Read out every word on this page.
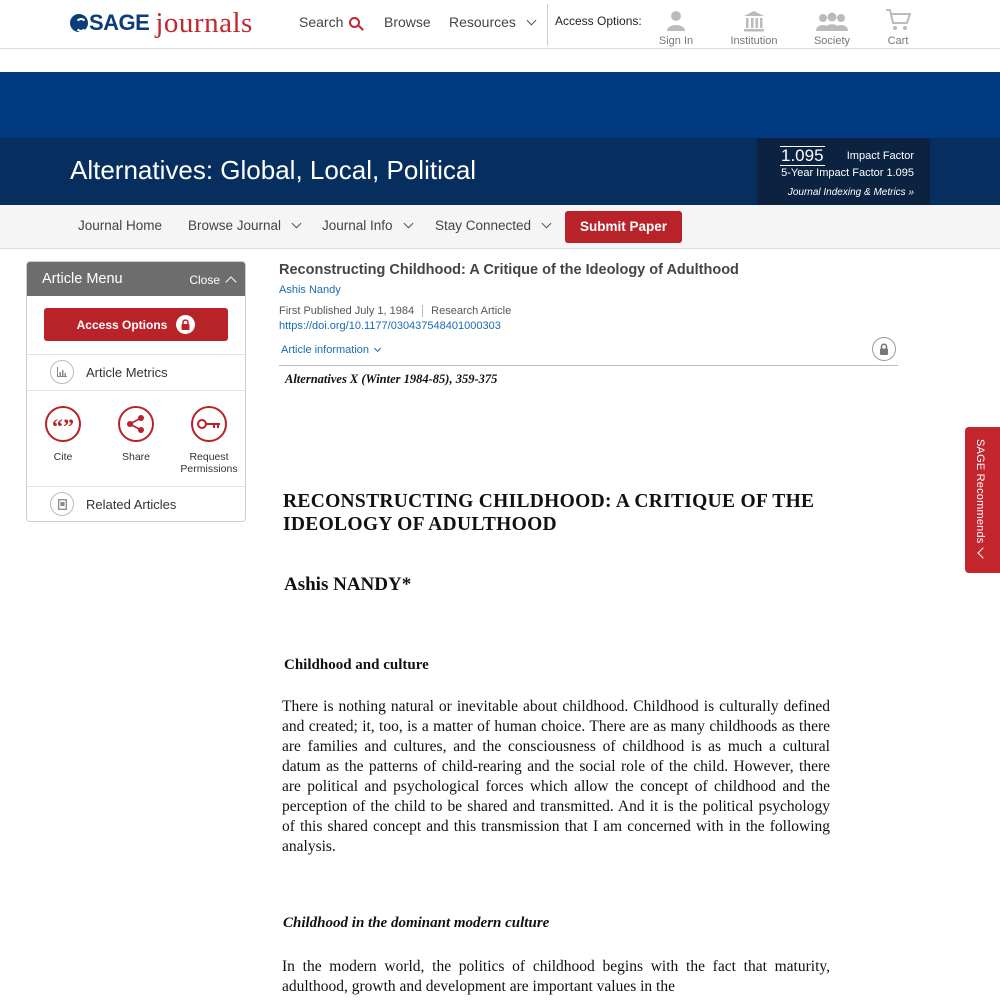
SAGE journals	Search	Browse Resources	Access Options:
Sign In	Institution	Society	Cart
Alternatives: Global, Local, Political	1.095 Impact Factor
5-Year Impact Factor 1.095
Journal Indexing & Metrics »
Journal Home Browse Journal	Journal Info	Stay Connected	Submit Paper
Article Menu	Close
Access Options
Article Metrics
“”
Cite	Share	Request Permissions
Related Articles
Reconstructing Childhood: A Critique of the Ideology of Adulthood
Ashis Nandy
First Published July 1, 1984 Research Article
https://doi.org/10.1177/030437548401000303
Article information
Alternatives X (Winter 1984-85), 359-375
RECONSTRUCTING CHILDHOOD: A CRITIQUE OF THE IDEOLOGY OF ADULTHOOD
Ashis NANDY*
Childhood and culture
There is nothing natural or inevitable about childhood. Childhood is culturally defined and created; it, too, is a matter of human choice. There are as many childhoods as there are families and cultures, and the consciousness of childhood is as much a cultural datum as the patterns of child-rearing and the social role of the child. However, there are political and psychological forces which allow the concept of childhood and the perception of the child to be shared and transmitted. And it is the political psychology of this shared concept and this transmission that I am concerned with in the following analysis.
Childhood in the dominant modern culture
In the modern world, the politics of childhood begins with the fact that maturity, adulthood, growth and development are important values in the
SAGE Recommends
